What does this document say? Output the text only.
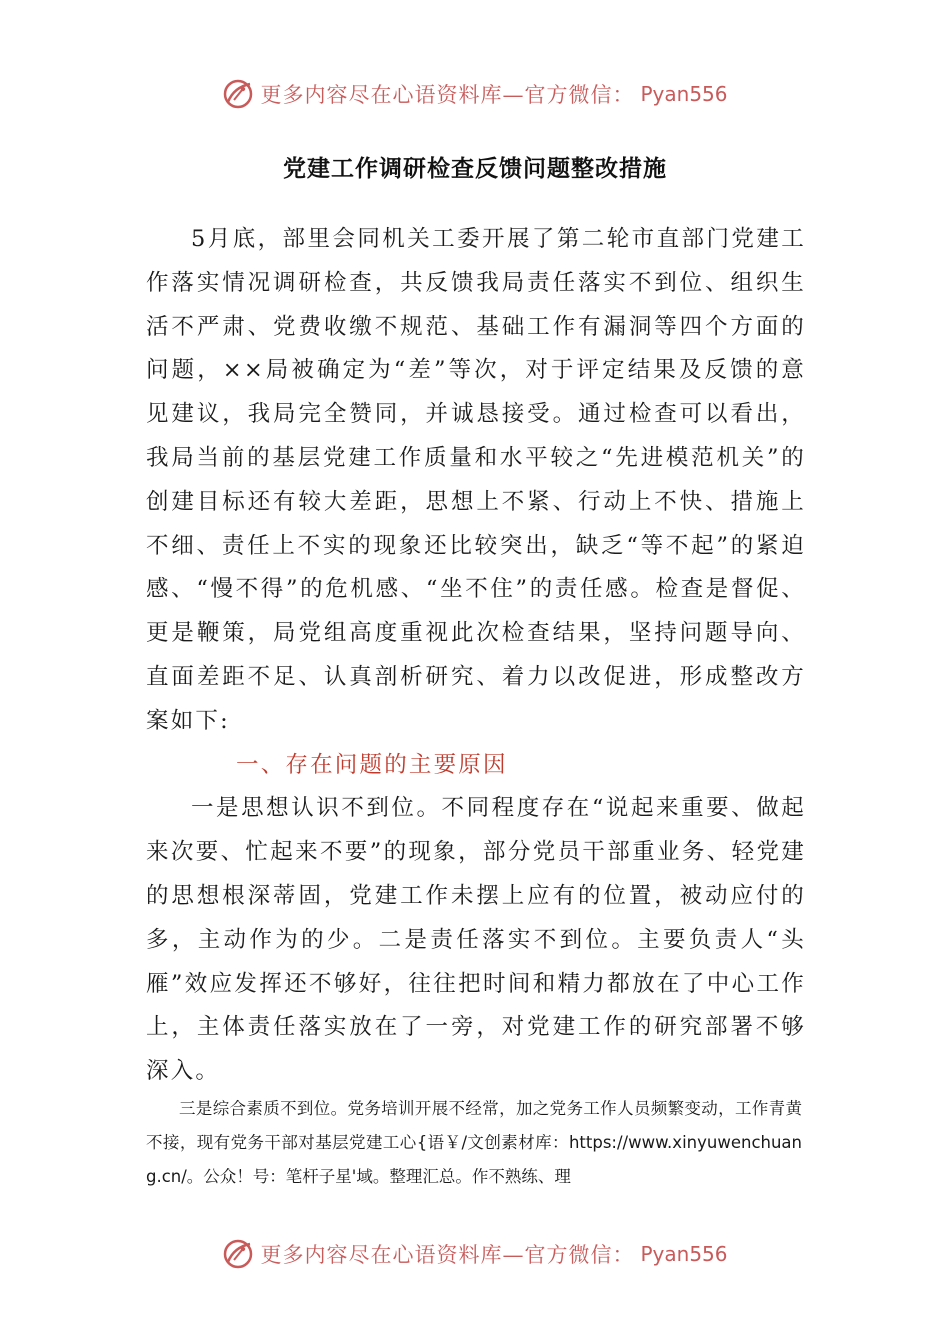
更多内容尽在心语资料库—官方微信： Pyan556
党建工作调研检查反馈问题整改措施

5月底，部里会同机关工委开展了第二轮市直部门党建工作落实情况调研检查，共反馈我局责任落实不到位、组织生活不严肃、党费收缴不规范、基础工作有漏洞等四个方面的问题，××局被确定为“差”等次，对于评定结果及反馈的意见建议，我局完全赞同，并诚恳接受。通过检查可以看出，我局当前的基层党建工作质量和水平较之“先进模范机关”的创建目标还有较大差距，思想上不紧、行动上不快、措施上不细、责任上不实的现象还比较突出，缺乏“等不起”的紧迫感、“慢不得”的危机感、“坐不住”的责任感。检查是督促、更是鞭策，局党组高度重视此次检查结果，坚持问题导向、直面差距不足、认真剖析研究、着力以改促进，形成整改方案如下:

一、存在问题的主要原因

一是思想认识不到位。不同程度存在“说起来重要、做起来次要、忙起来不要”的现象，部分党员干部重业务、轻党建的思想根深蒂固，党建工作未摆上应有的位置，被动应付的多，主动作为的少。二是责任落实不到位。主要负责人“头雁”效应发挥还不够好，往往把时间和精力都放在了中心工作上，主体责任落实放在了一旁，对党建工作的研究部署不够深入。

三是综合素质不到位。党务培训开展不经常，加之党务工作人员频繁变动，工作青黄不接，现有党务干部对基层党建工心{语￥/文创素材库：https://www.xinyuwenchuang.cn/。公众！号：笔杆子星'域。整理汇总。作不熟练、理

更多内容尽在心语资料库—官方微信： Pyan556
